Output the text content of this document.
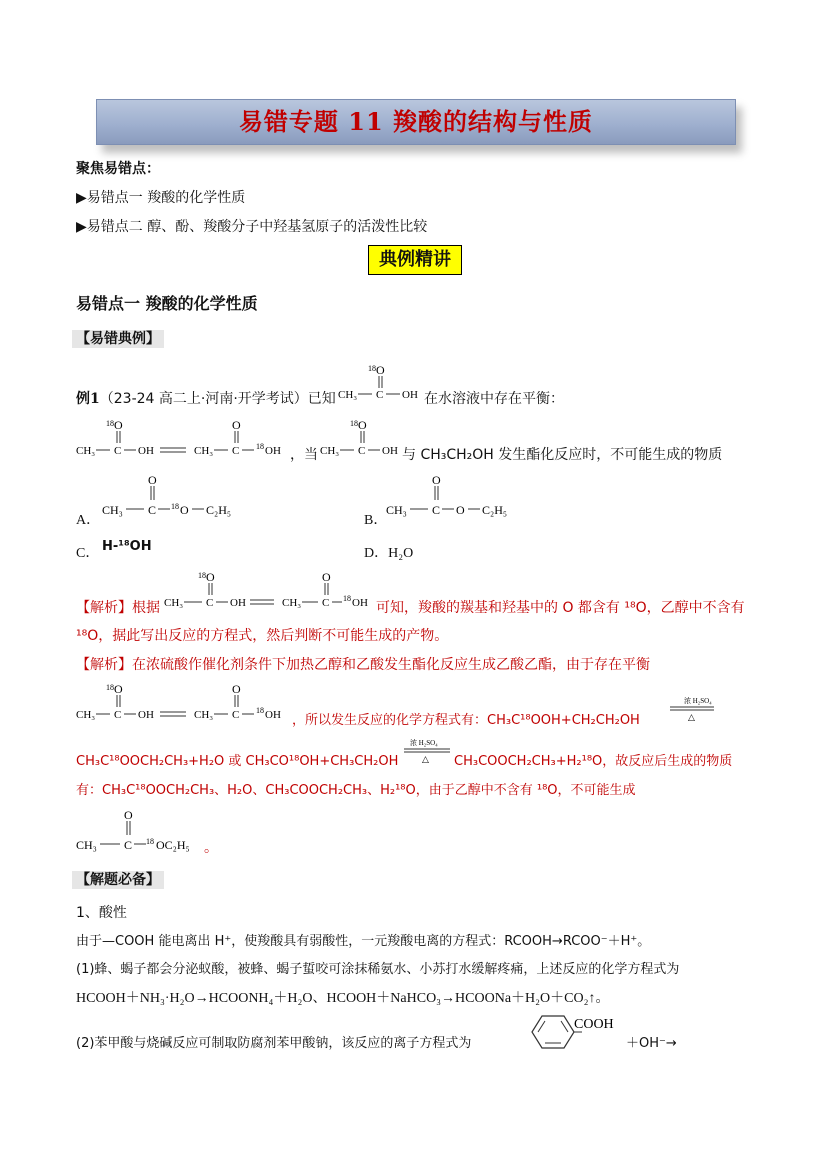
易错专题 11 羧酸的结构与性质
聚焦易错点：
▶易错点一 羧酸的化学性质
▶易错点二 醇、酚、羧酸分子中羟基氢原子的活泼性比较
典例精讲
易错点一 羧酸的化学性质
【易错典例】
例1（23-24 高二上·河南·开学考试）已知
18 O
CH₃ C OH 在水溶液中存在平衡：
18 O
CH₃ C OH
O
CH₃ C 18 OH ，当
18 O
CH₃ C OH 与 CH₃CH₂OH 发生酯化反应时，不可能生成的物质
A．
O
CH₃ C 18 O C₂H₅
B．
O
CH₃ C O C₂H₅
C． H-¹⁸OH	D．H₂O
【解析】根据
18 O
CH₃ C OH
O
CH₃ C 18 OH 可知，羧酸的羰基和羟基中的 O 都含有 ¹⁸O，乙醇中不含有
¹⁸O，据此写出反应的方程式，然后判断不可能生成的产物。
【解析】在浓硫酸作催化剂条件下加热乙醇和乙酸发生酯化反应生成乙酸乙酯，由于存在平衡
18 O
CH₃ C OH
O
CH₃ C 18 OH ，所以发生反应的化学方程式有：CH₃C¹⁸OOH+CH₂CH₂OH
浓 H₂SO₄
△
CH₃C¹⁸OOCH₂CH₃+H₂O 或 CH₃CO¹⁸OH+CH₃CH₂OH
浓 H₂SO₄
△ CH₃COOCH₂CH₃+H₂¹⁸O，故反应后生成的物质
有：CH₃C¹⁸OOCH₂CH₃、H₂O、CH₃COOCH₂CH₃、H₂¹⁸O，由于乙醇中不含有 ¹⁸O，不可能生成
O
CH₃ C 18 OC₂H₅ 。
【解题必备】
1、酸性
由于—COOH 能电离出 H⁺，使羧酸具有弱酸性，一元羧酸电离的方程式：RCOOH→RCOO⁻＋H⁺。
(1)蜂、蝎子都会分泌蚁酸，被蜂、蝎子蜇咬可涂抹稀氨水、小苏打水缓解疼痛，上述反应的化学方程式为
HCOOH＋NH₃·H₂O→HCOONH₄＋H₂O、HCOOH＋NaHCO₃→HCOONa＋H₂O＋CO₂↑。
(2)苯甲酸与烧碱反应可制取防腐剂苯甲酸钠，该反应的离子方程式为
COOH
＋OH⁻→
